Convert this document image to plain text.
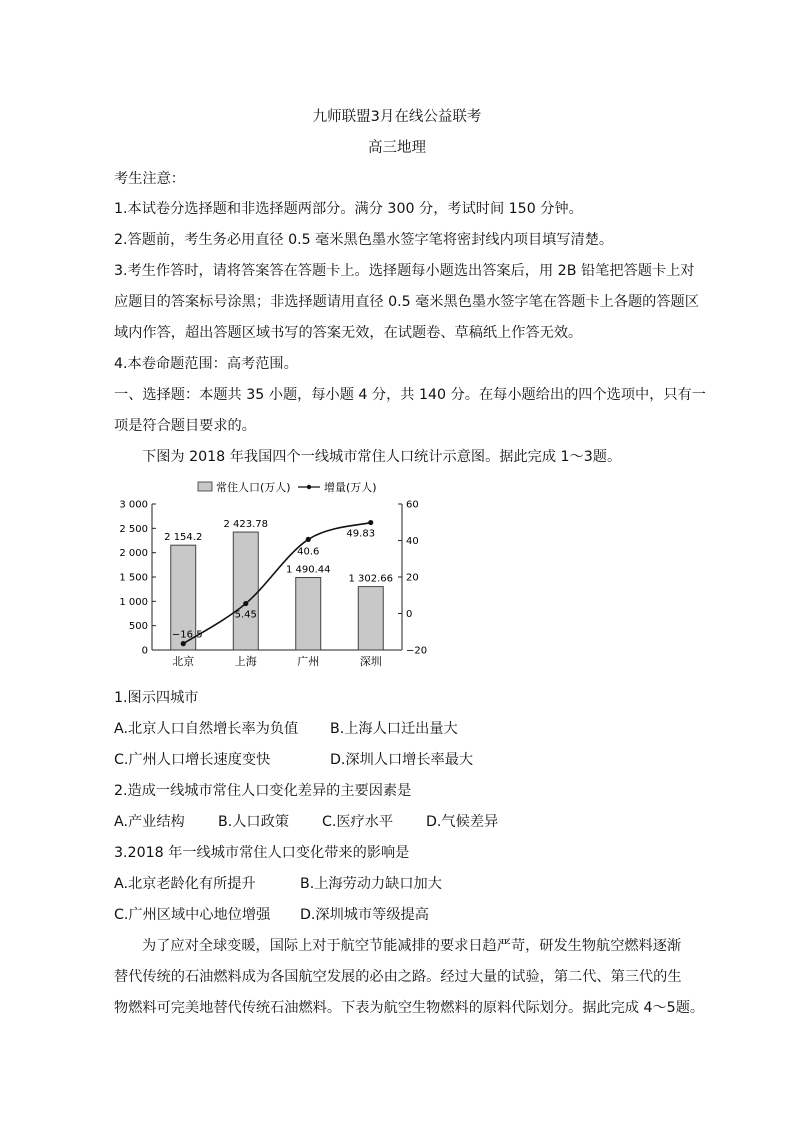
九师联盟3月在线公益联考
高三地理
考生注意：
1.本试卷分选择题和非选择题两部分。满分 300 分，考试时间 150 分钟。
2.答题前，考生务必用直径 0.5 毫米黑色墨水签字笔将密封线内项目填写清楚。
3.考生作答时，请将答案答在答题卡上。选择题每小题选出答案后，用 2B 铅笔把答题卡上对
应题目的答案标号涂黑；非选择题请用直径 0.5 毫米黑色墨水签字笔在答题卡上各题的答题区
域内作答，超出答题区域书写的答案无效，在试题卷、草稿纸上作答无效。
4.本卷命题范围：高考范围。
一、选择题：本题共 35 小题，每小题 4 分，共 140 分。在每小题给出的四个选项中，只有一
项是符合题目要求的。
下图为 2018 年我国四个一线城市常住人口统计示意图。据此完成 1～3题。
常住人口(万人)	增量(万人)
0
500
1 000
1 500
2 000
2 500
3 000
−20
0
20
40
60
北京	上海	广州	深圳
2 154.2
2 423.78
1 490.44
1 302.66
−16.5
5.45
40.6
49.83
1.图示四城市
A.北京人口自然增长率为负值 B.上海人口迁出量大
C.广州人口增长速度变快	D.深圳人口增长率最大
2.造成一线城市常住人口变化差异的主要因素是
A.产业结构 B.人口政策 C.医疗水平 D.气候差异
3.2018 年一线城市常住人口变化带来的影响是
A.北京老龄化有所提升	B.上海劳动力缺口加大
C.广州区域中心地位增强 D.深圳城市等级提高
为了应对全球变暖，国际上对于航空节能减排的要求日趋严苛，研发生物航空燃料逐渐
替代传统的石油燃料成为各国航空发展的必由之路。经过大量的试验，第二代、第三代的生
物燃料可完美地替代传统石油燃料。下表为航空生物燃料的原料代际划分。据此完成 4～5题。
